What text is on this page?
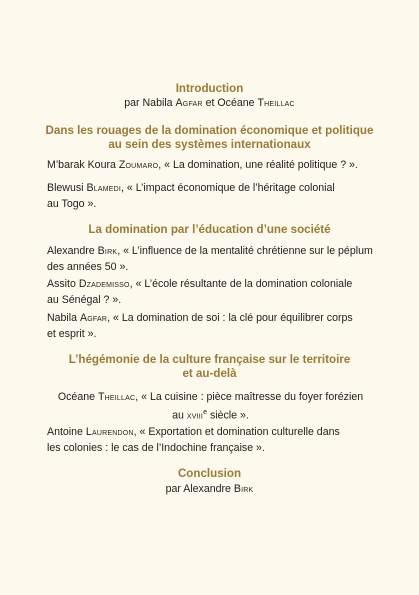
Introduction
par Nabila Agfar et Océane Theillac
Dans les rouages de la domination économique et politique
au sein des systèmes internationaux
M’barak Koura Zoumaro, « La domination, une réalité politique ? ».
Blewusi Blamedi, « L’impact économique de l’héritage colonial
au Togo ».
La domination par l’éducation d’une société
Alexandre Birk, « L’influence de la mentalité chrétienne sur le péplum
des années 50 ».
Assito Dzademisso, « L’école résultante de la domination coloniale
au Sénégal ? ».
Nabila Agfar, « La domination de soi : la clé pour équilibrer corps
et esprit ».
L’hégémonie de la culture française sur le territoire
et au-delà
Océane Theillac, « La cuisine : pièce maîtresse du foyer forézien
au xviii$^e$ siècle ».
Antoine Laurendon, « Exportation et domination culturelle dans
les colonies : le cas de l’Indochine française ».
Conclusion
par Alexandre Birk
